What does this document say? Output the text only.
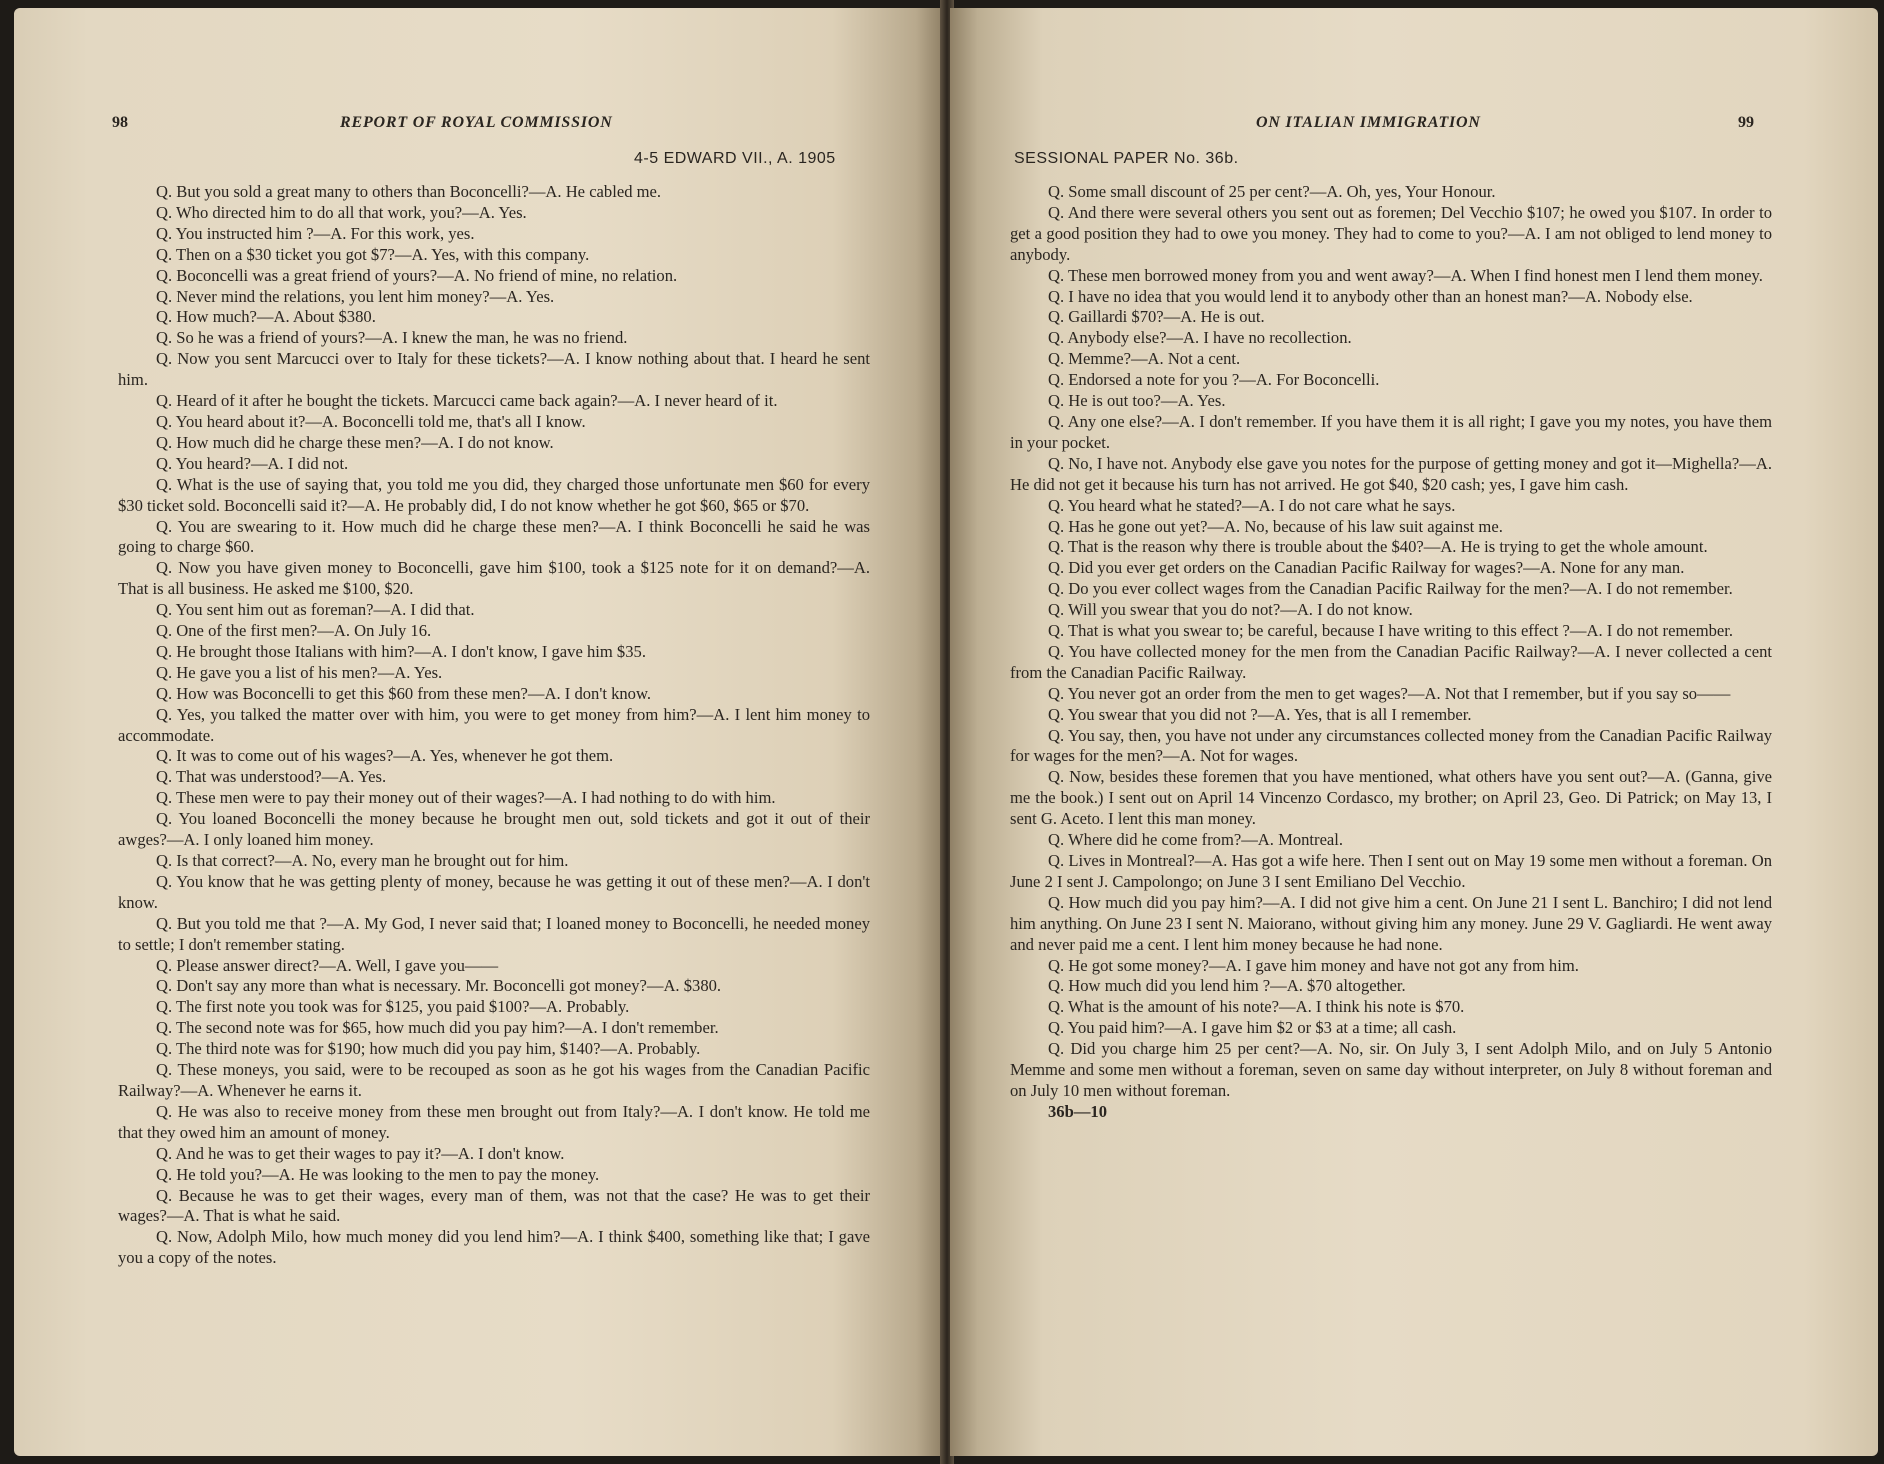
98	REPORT OF ROYAL COMMISSION
4-5 EDWARD VII., A. 1905

Q. But you sold a great many to others than Boconcelli?—A. He cabled me.

Q. Who directed him to do all that work, you?—A. Yes.

Q. You instructed him ?—A. For this work, yes.

Q. Then on a $30 ticket you got $7?—A. Yes, with this company.

Q. Boconcelli was a great friend of yours?—A. No friend of mine, no relation.

Q. Never mind the relations, you lent him money?—A. Yes.

Q. How much?—A. About $380.

Q. So he was a friend of yours?—A. I knew the man, he was no friend.

Q. Now you sent Marcucci over to Italy for these tickets?—A. I know nothing about that. I heard he sent him.

Q. Heard of it after he bought the tickets. Marcucci came back again?—A. I never heard of it.

Q. You heard about it?—A. Boconcelli told me, that's all I know.

Q. How much did he charge these men?—A. I do not know.

Q. You heard?—A. I did not.

Q. What is the use of saying that, you told me you did, they charged those unfortunate men $60 for every $30 ticket sold. Boconcelli said it?—A. He probably did, I do not know whether he got $60, $65 or $70.

Q. You are swearing to it. How much did he charge these men?—A. I think Boconcelli he said he was going to charge $60.

Q. Now you have given money to Boconcelli, gave him $100, took a $125 note for it on demand?—A. That is all business. He asked me $100, $20.

Q. You sent him out as foreman?—A. I did that.

Q. One of the first men?—A. On July 16.

Q. He brought those Italians with him?—A. I don't know, I gave him $35.

Q. He gave you a list of his men?—A. Yes.

Q. How was Boconcelli to get this $60 from these men?—A. I don't know.

Q. Yes, you talked the matter over with him, you were to get money from him?—A. I lent him money to accommodate.

Q. It was to come out of his wages?—A. Yes, whenever he got them.

Q. That was understood?—A. Yes.

Q. These men were to pay their money out of their wages?—A. I had nothing to do with him.

Q. You loaned Boconcelli the money because he brought men out, sold tickets and got it out of their awges?—A. I only loaned him money.

Q. Is that correct?—A. No, every man he brought out for him.

Q. You know that he was getting plenty of money, because he was getting it out of these men?—A. I don't know.

Q. But you told me that ?—A. My God, I never said that; I loaned money to Boconcelli, he needed money to settle; I don't remember stating.

Q. Please answer direct?—A. Well, I gave you——

Q. Don't say any more than what is necessary. Mr. Boconcelli got money?—A. $380.

Q. The first note you took was for $125, you paid $100?—A. Probably.

Q. The second note was for $65, how much did you pay him?—A. I don't remember.

Q. The third note was for $190; how much did you pay him, $140?—A. Probably.

Q. These moneys, you said, were to be recouped as soon as he got his wages from the Canadian Pacific Railway?—A. Whenever he earns it.

Q. He was also to receive money from these men brought out from Italy?—A. I don't know. He told me that they owed him an amount of money.

Q. And he was to get their wages to pay it?—A. I don't know.

Q. He told you?—A. He was looking to the men to pay the money.

Q. Because he was to get their wages, every man of them, was not that the case? He was to get their wages?—A. That is what he said.

Q. Now, Adolph Milo, how much money did you lend him?—A. I think $400, something like that; I gave you a copy of the notes.

ON ITALIAN IMMIGRATION	99
SESSIONAL PAPER No. 36b.

Q. Some small discount of 25 per cent?—A. Oh, yes, Your Honour.

Q. And there were several others you sent out as foremen; Del Vecchio $107; he owed you $107. In order to get a good position they had to owe you money. They had to come to you?—A. I am not obliged to lend money to anybody.

Q. These men borrowed money from you and went away?—A. When I find honest men I lend them money.

Q. I have no idea that you would lend it to anybody other than an honest man?—A. Nobody else.

Q. Gaillardi $70?—A. He is out.

Q. Anybody else?—A. I have no recollection.

Q. Memme?—A. Not a cent.

Q. Endorsed a note for you ?—A. For Boconcelli.

Q. He is out too?—A. Yes.

Q. Any one else?—A. I don't remember. If you have them it is all right; I gave you my notes, you have them in your pocket.

Q. No, I have not. Anybody else gave you notes for the purpose of getting money and got it—Mighella?—A. He did not get it because his turn has not arrived. He got $40, $20 cash; yes, I gave him cash.

Q. You heard what he stated?—A. I do not care what he says.

Q. Has he gone out yet?—A. No, because of his law suit against me.

Q. That is the reason why there is trouble about the $40?—A. He is trying to get the whole amount.

Q. Did you ever get orders on the Canadian Pacific Railway for wages?—A. None for any man.

Q. Do you ever collect wages from the Canadian Pacific Railway for the men?—A. I do not remember.

Q. Will you swear that you do not?—A. I do not know.

Q. That is what you swear to; be careful, because I have writing to this effect ?—A. I do not remember.

Q. You have collected money for the men from the Canadian Pacific Railway?—A. I never collected a cent from the Canadian Pacific Railway.

Q. You never got an order from the men to get wages?—A. Not that I remember, but if you say so——

Q. You swear that you did not ?—A. Yes, that is all I remember.

Q. You say, then, you have not under any circumstances collected money from the Canadian Pacific Railway for wages for the men?—A. Not for wages.

Q. Now, besides these foremen that you have mentioned, what others have you sent out?—A. (Ganna, give me the book.) I sent out on April 14 Vincenzo Cordasco, my brother; on April 23, Geo. Di Patrick; on May 13, I sent G. Aceto. I lent this man money.

Q. Where did he come from?—A. Montreal.

Q. Lives in Montreal?—A. Has got a wife here. Then I sent out on May 19 some men without a foreman. On June 2 I sent J. Campolongo; on June 3 I sent Emiliano Del Vecchio.

Q. How much did you pay him?—A. I did not give him a cent. On June 21 I sent L. Banchiro; I did not lend him anything. On June 23 I sent N. Maiorano, without giving him any money. June 29 V. Gagliardi. He went away and never paid me a cent. I lent him money because he had none.

Q. He got some money?—A. I gave him money and have not got any from him.

Q. How much did you lend him ?—A. $70 altogether.

Q. What is the amount of his note?—A. I think his note is $70.

Q. You paid him?—A. I gave him $2 or $3 at a time; all cash.

Q. Did you charge him 25 per cent?—A. No, sir. On July 3, I sent Adolph Milo, and on July 5 Antonio Memme and some men without a foreman, seven on same day without interpreter, on July 8 without foreman and on July 10 men without foreman.

36b—10
